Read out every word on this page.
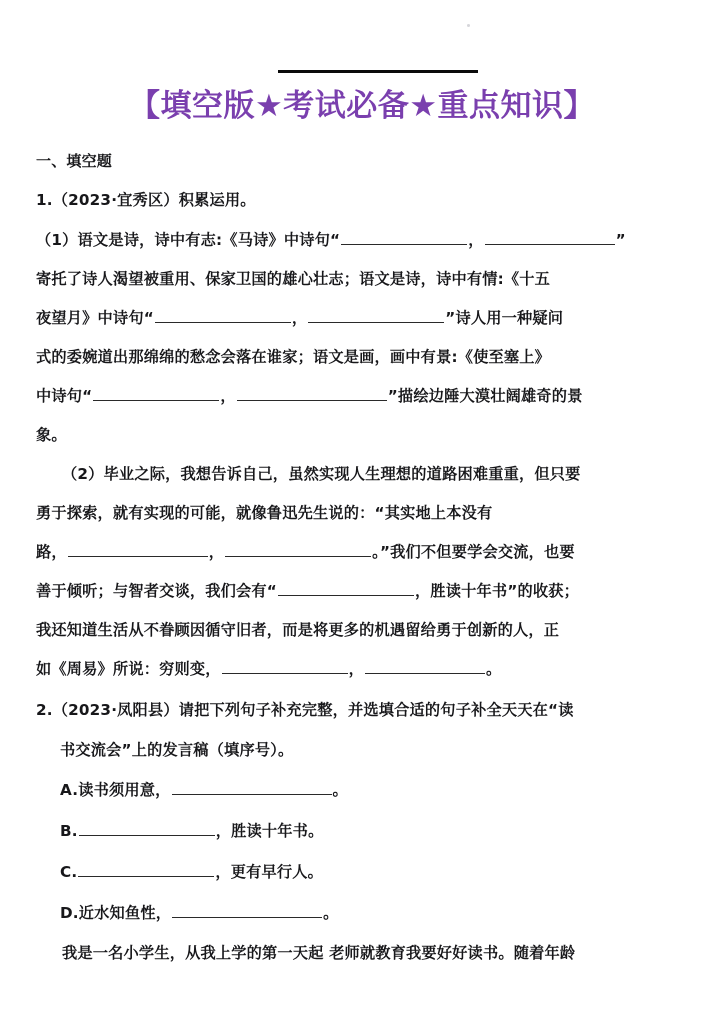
【填空版★考试必备★重点知识】
一、填空题
1.（2023·宜秀区）积累运用。
（1）语文是诗，诗中有志:《马诗》中诗句“	，	”
寄托了诗人渴望被重用、保家卫国的雄心壮志；语文是诗，诗中有情:《十五
夜望月》中诗句“	，	”诗人用一种疑问
式的委婉道出那绵绵的愁念会落在谁家；语文是画，画中有景:《使至塞上》
中诗句“	，	”描绘边陲大漠壮阔雄奇的景
象。
（2）毕业之际，我想告诉自己，虽然实现人生理想的道路困难重重，但只要
勇于探索，就有实现的可能，就像鲁迅先生说的：“其实地上本没有
路，	，	。”我们不但要学会交流，也要
善于倾听；与智者交谈，我们会有“	，胜读十年书”的收获；
我还知道生活从不眷顾因循守旧者，而是将更多的机遇留给勇于创新的人，正
如《周易》所说：穷则变，	，	。
2.（2023·凤阳县）请把下列句子补充完整，并选填合适的句子补全天天在“读
书交流会”上的发言稿（填序号）。
A.读书须用意，	。
B.	，胜读十年书。
C.	，更有早行人。
D.近水知鱼性，	。
我是一名小学生，从我上学的第一天起 老师就教育我要好好读书。随着年龄
